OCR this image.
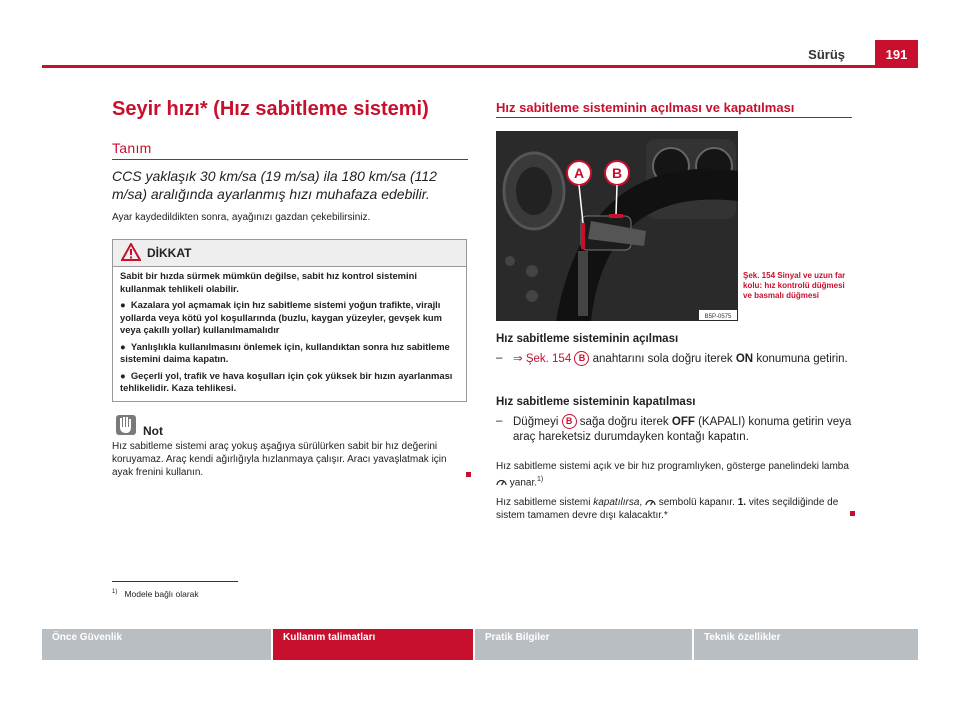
Sürüş	191
Seyir hızı* (Hız sabitleme sistemi)
Tanım
CCS yaklaşık 30 km/sa (19 m/sa) ila 180 km/sa (112 m/sa) aralığında ayarlanmış hızı muhafaza edebilir.
Ayar kaydedildikten sonra, ayağınızı gazdan çekebilirsiniz.
DİKKAT

Sabit bir hızda sürmek mümkün değilse, sabit hız kontrol sistemini kullanmak tehlikeli olabilir.

● Kazalara yol açmamak için hız sabitleme sistemi yoğun trafikte, virajlı yollarda veya kötü yol koşullarında (buzlu, kaygan yüzeyler, gevşek kum veya çakıllı yollar) kullanılmamalıdır

● Yanlışlıkla kullanılmasını önlemek için, kullandıktan sonra hız sabitleme sistemini daima kapatın.

● Geçerli yol, trafik ve hava koşulları için çok yüksek bir hızın ayarlanması tehlikelidir. Kaza tehlikesi.

Not
Hız sabitleme sistemi araç yokuş aşağıya sürülürken sabit bir hız değerini koruyamaz. Araç kendi ağırlığıyla hızlanmaya çalışır. Aracı yavaşlatmak için ayak frenini kullanın.
Hız sabitleme sisteminin açılması ve kapatılması
A B
B5P-0575
Şek. 154 Sinyal ve uzun far kolu: hız kontrolü düğmesi ve basmalı düğmesi
Hız sabitleme sisteminin açılması
– ⇒ Şek. 154 B anahtarını sola doğru iterek ON konumuna getirin.
Hız sabitleme sisteminin kapatılması
– Düğmeyi B sağa doğru iterek OFF (KAPALI) konuma getirin veya araç hareketsiz durumdayken kontağı kapatın.
Hız sabitleme sistemi açık ve bir hız programlıyken, gösterge panelindeki lamba  yanar.$^{1)}$
Hız sabitleme sistemi kapatılırsa, sembolü kapanır. 1. vites seçildiğinde de sistem tamamen devre dışı kalacaktır.*
$^{1)}$ Modele bağlı olarak
Önce Güvenlik	Kullanım talimatları	Pratik Bilgiler	Teknik özellikler
